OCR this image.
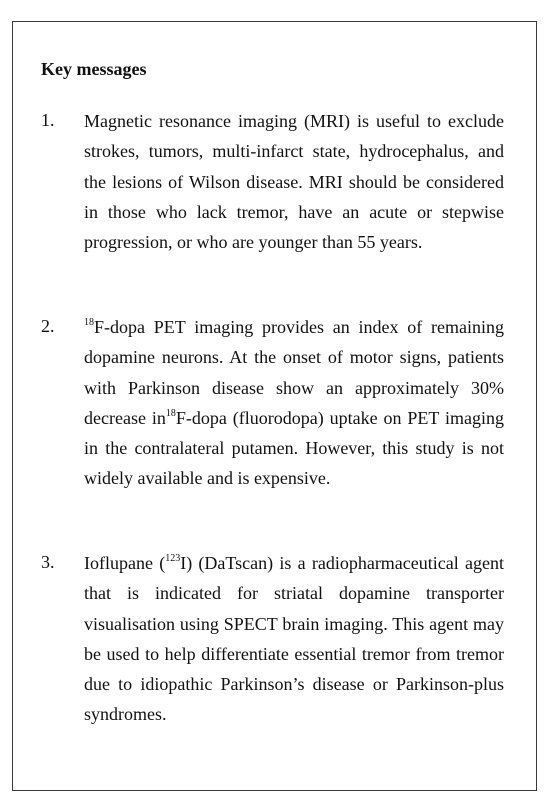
Key messages
1. Magnetic resonance imaging (MRI) is useful to exclude strokes, tumors, multi-infarct state, hydrocephalus, and the lesions of Wilson disease. MRI should be considered in those who lack tremor, have an acute or stepwise progression, or who are younger than 55 years.
2.	$^{18}$F-dopa PET imaging provides an index of remaining dopamine neurons. At the onset of motor signs, patients with Parkinson disease show an approximately 30% decrease $in^{18}F$-dopa (fluorodopa) uptake on PET imaging in the contralateral putamen. However, this study is not widely available and is expensive.
3. Ioflupane ($^{123}$I) (DaTscan) is a radiopharmaceutical agent that is indicated for striatal dopamine transporter visualisation using SPECT brain imaging. This agent may be used to help differentiate essential tremor from tremor due to idiopathic Parkinson’s disease or Parkinson-plus syndromes.
